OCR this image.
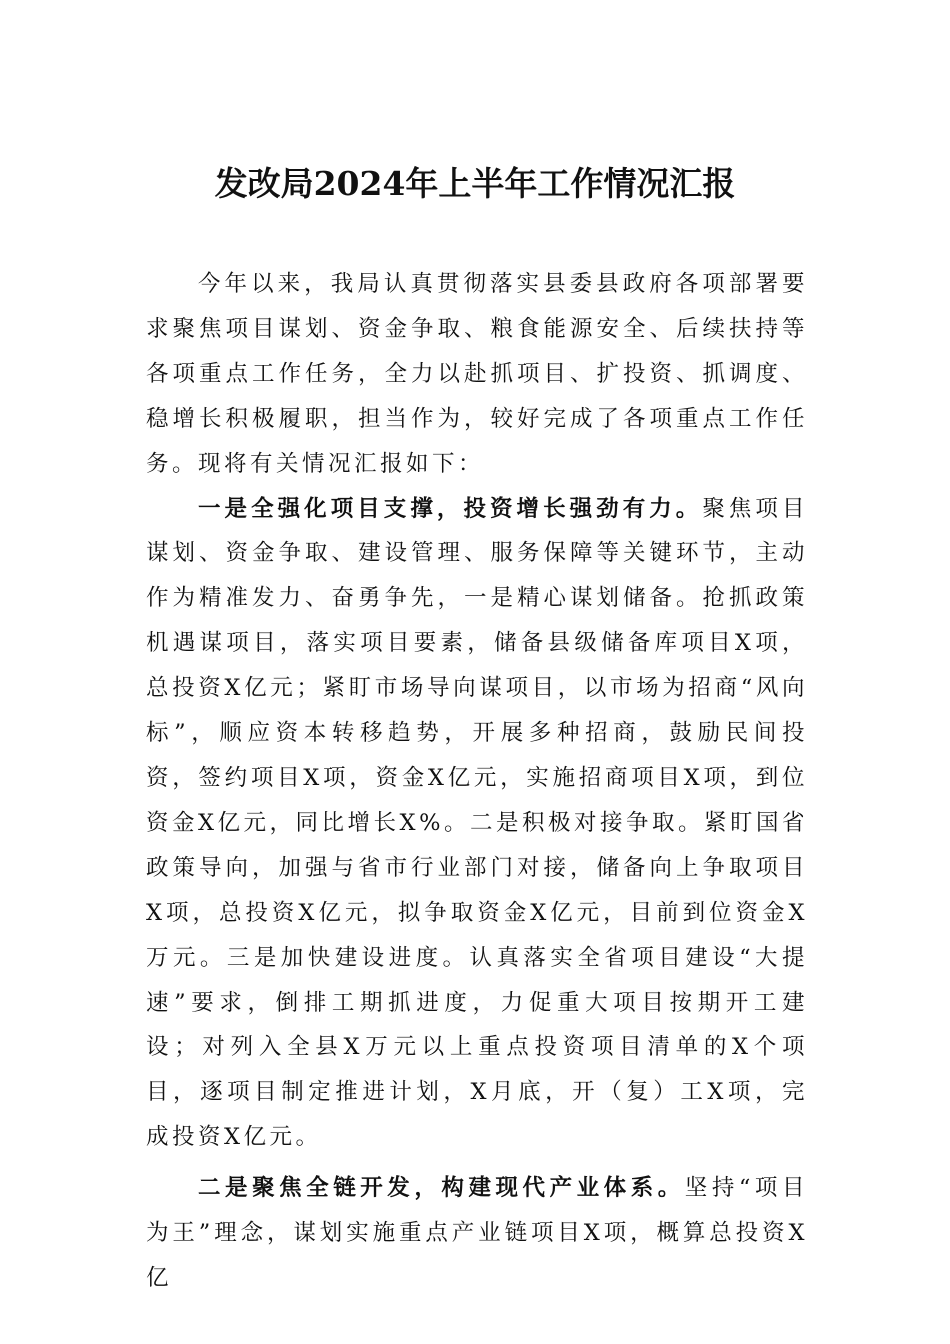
发改局2024年上半年工作情况汇报

今年以来，我局认真贯彻落实县委县政府各项部署要求聚焦项目谋划、资金争取、粮食能源安全、后续扶持等各项重点工作任务，全力以赴抓项目、扩投资、抓调度、稳增长积极履职，担当作为，较好完成了各项重点工作任务。现将有关情况汇报如下：

一是全强化项目支撑，投资增长强劲有力。聚焦项目谋划、资金争取、建设管理、服务保障等关键环节，主动作为精准发力、奋勇争先，一是精心谋划储备。抢抓政策机遇谋项目，落实项目要素，储备县级储备库项目X项，总投资X亿元；紧盯市场导向谋项目，以市场为招商“风向标”，顺应资本转移趋势，开展多种招商，鼓励民间投资，签约项目X项，资金X亿元，实施招商项目X项，到位资金X亿元，同比增长X%。二是积极对接争取。紧盯国省政策导向，加强与省市行业部门对接，储备向上争取项目X项，总投资X亿元，拟争取资金X亿元，目前到位资金X万元。三是加快建设进度。认真落实全省项目建设“大提速”要求，倒排工期抓进度，力促重大项目按期开工建设；对列入全县X万元以上重点投资项目清单的X个项目，逐项目制定推进计划，X月底，开（复）工X项，完成投资X亿元。

二是聚焦全链开发，构建现代产业体系。坚持“项目为王”理念，谋划实施重点产业链项目X项，概算总投资X亿
